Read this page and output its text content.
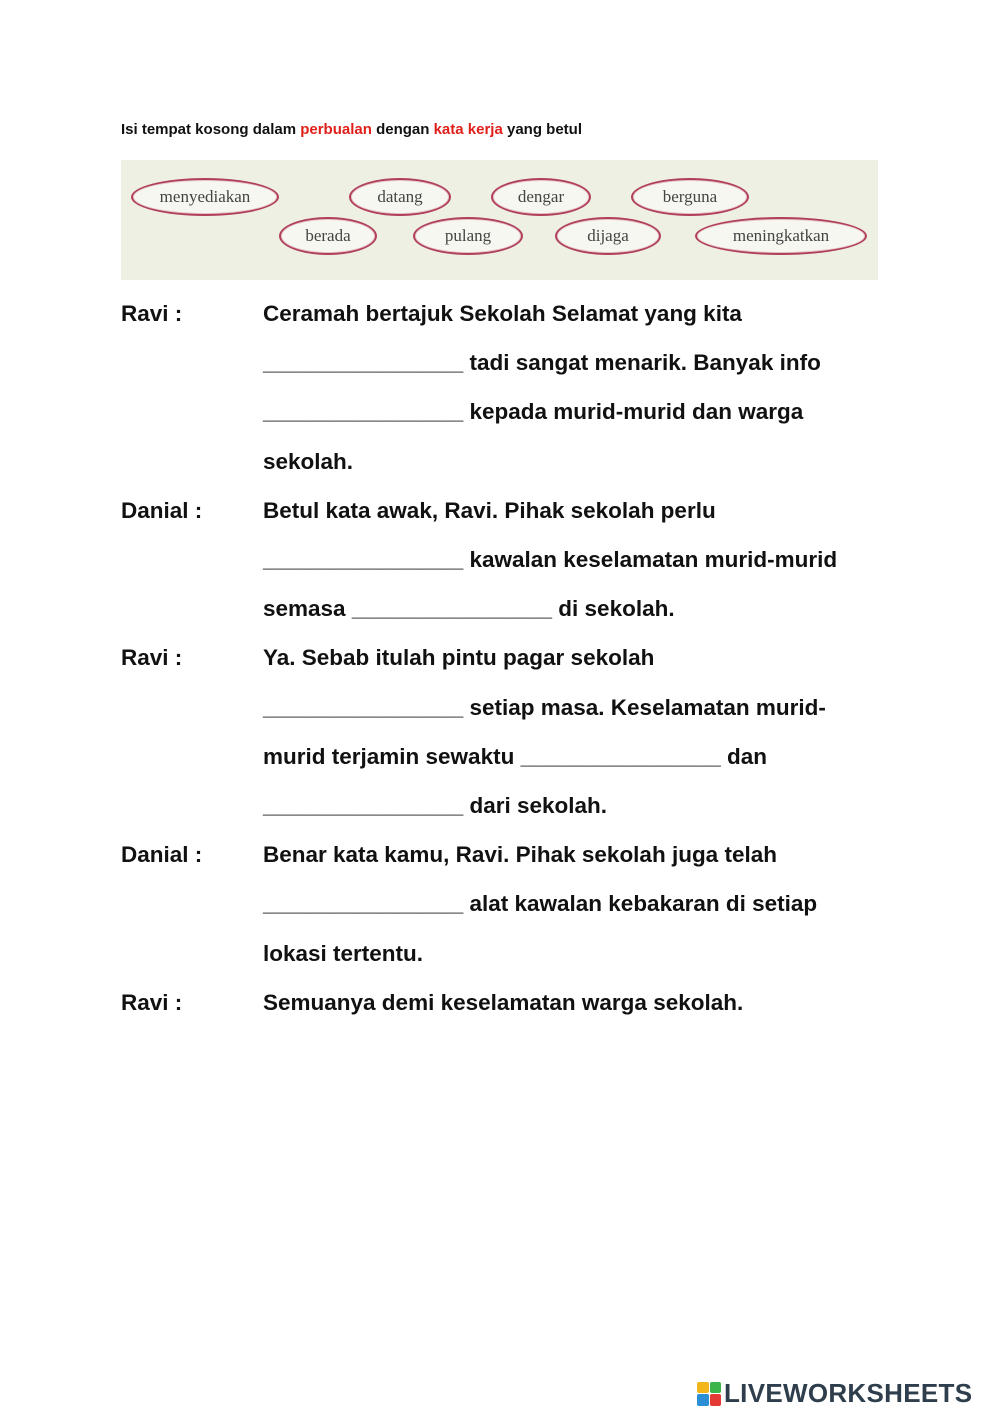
Isi tempat kosong dalam perbualan dengan kata kerja yang betul
menyediakan	datang	dengar	berguna
berada	pulang	dijaga	meningkatkan
Ravi :	Ceramah bertajuk Sekolah Selamat yang kita
________________ tadi sangat menarik. Banyak info
________________ kepada murid-murid dan warga
sekolah.
Danial :	Betul kata awak, Ravi. Pihak sekolah perlu
________________ kawalan keselamatan murid-murid
semasa ________________ di sekolah.
Ravi :	Ya. Sebab itulah pintu pagar sekolah
________________ setiap masa. Keselamatan murid-
murid terjamin sewaktu ________________ dan
________________ dari sekolah.
Danial :	Benar kata kamu, Ravi. Pihak sekolah juga telah
________________ alat kawalan kebakaran di setiap
lokasi tertentu.
Ravi :	Semuanya demi keselamatan warga sekolah.
LIVEWORKSHEETS
